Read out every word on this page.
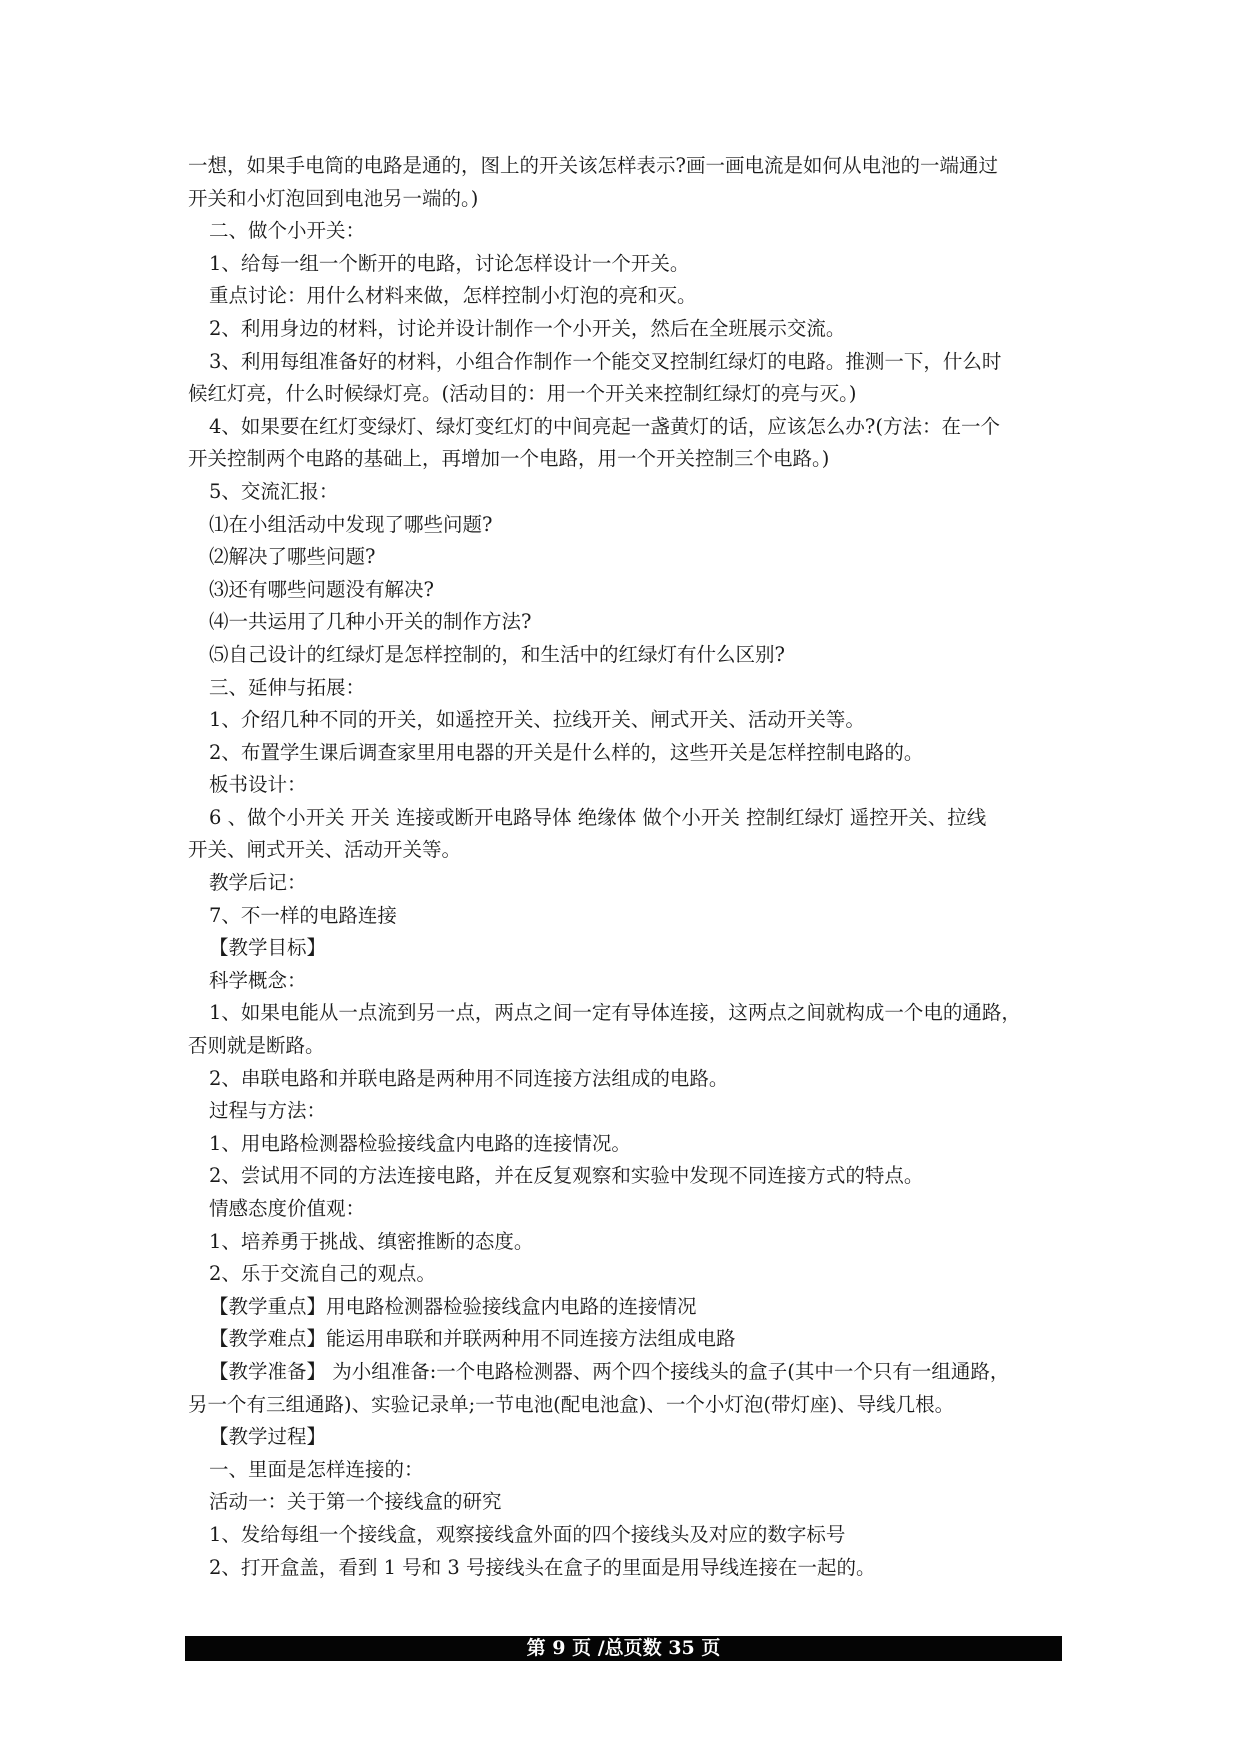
一想，如果手电筒的电路是通的，图上的开关该怎样表示?画一画电流是如何从电池的一端通过
开关和小灯泡回到电池另一端的。)
二、做个小开关：
1、给每一组一个断开的电路，讨论怎样设计一个开关。
重点讨论：用什么材料来做，怎样控制小灯泡的亮和灭。
2、利用身边的材料，讨论并设计制作一个小开关，然后在全班展示交流。
3、利用每组准备好的材料，小组合作制作一个能交叉控制红绿灯的电路。推测一下，什么时
候红灯亮，什么时候绿灯亮。(活动目的：用一个开关来控制红绿灯的亮与灭。)
4、如果要在红灯变绿灯、绿灯变红灯的中间亮起一盏黄灯的话，应该怎么办?(方法：在一个
开关控制两个电路的基础上，再增加一个电路，用一个开关控制三个电路。)
5、交流汇报：
⑴在小组活动中发现了哪些问题?
⑵解决了哪些问题?
⑶还有哪些问题没有解决?
⑷一共运用了几种小开关的制作方法?
⑸自己设计的红绿灯是怎样控制的，和生活中的红绿灯有什么区别?
三、延伸与拓展：
1、介绍几种不同的开关，如遥控开关、拉线开关、闸式开关、活动开关等。
2、布置学生课后调查家里用电器的开关是什么样的，这些开关是怎样控制电路的。
板书设计：
6 、做个小开关 开关 连接或断开电路导体 绝缘体 做个小开关 控制红绿灯 遥控开关、拉线
开关、闸式开关、活动开关等。
教学后记：
7、不一样的电路连接
【教学目标】
科学概念：
1、如果电能从一点流到另一点，两点之间一定有导体连接，这两点之间就构成一个电的通路，
否则就是断路。
2、串联电路和并联电路是两种用不同连接方法组成的电路。
过程与方法：
1、用电路检测器检验接线盒内电路的连接情况。
2、尝试用不同的方法连接电路，并在反复观察和实验中发现不同连接方式的特点。
情感态度价值观：
1、培养勇于挑战、缜密推断的态度。
2、乐于交流自己的观点。
【教学重点】用电路检测器检验接线盒内电路的连接情况
【教学难点】能运用串联和并联两种用不同连接方法组成电路
【教学准备】 为小组准备:一个电路检测器、两个四个接线头的盒子(其中一个只有一组通路，
另一个有三组通路)、实验记录单;一节电池(配电池盒)、一个小灯泡(带灯座)、导线几根。
【教学过程】
一、里面是怎样连接的：
活动一：关于第一个接线盒的研究
1、发给每组一个接线盒，观察接线盒外面的四个接线头及对应的数字标号
2、打开盒盖，看到 1 号和 3 号接线头在盒子的里面是用导线连接在一起的。
第 9 页 /总页数 35 页
